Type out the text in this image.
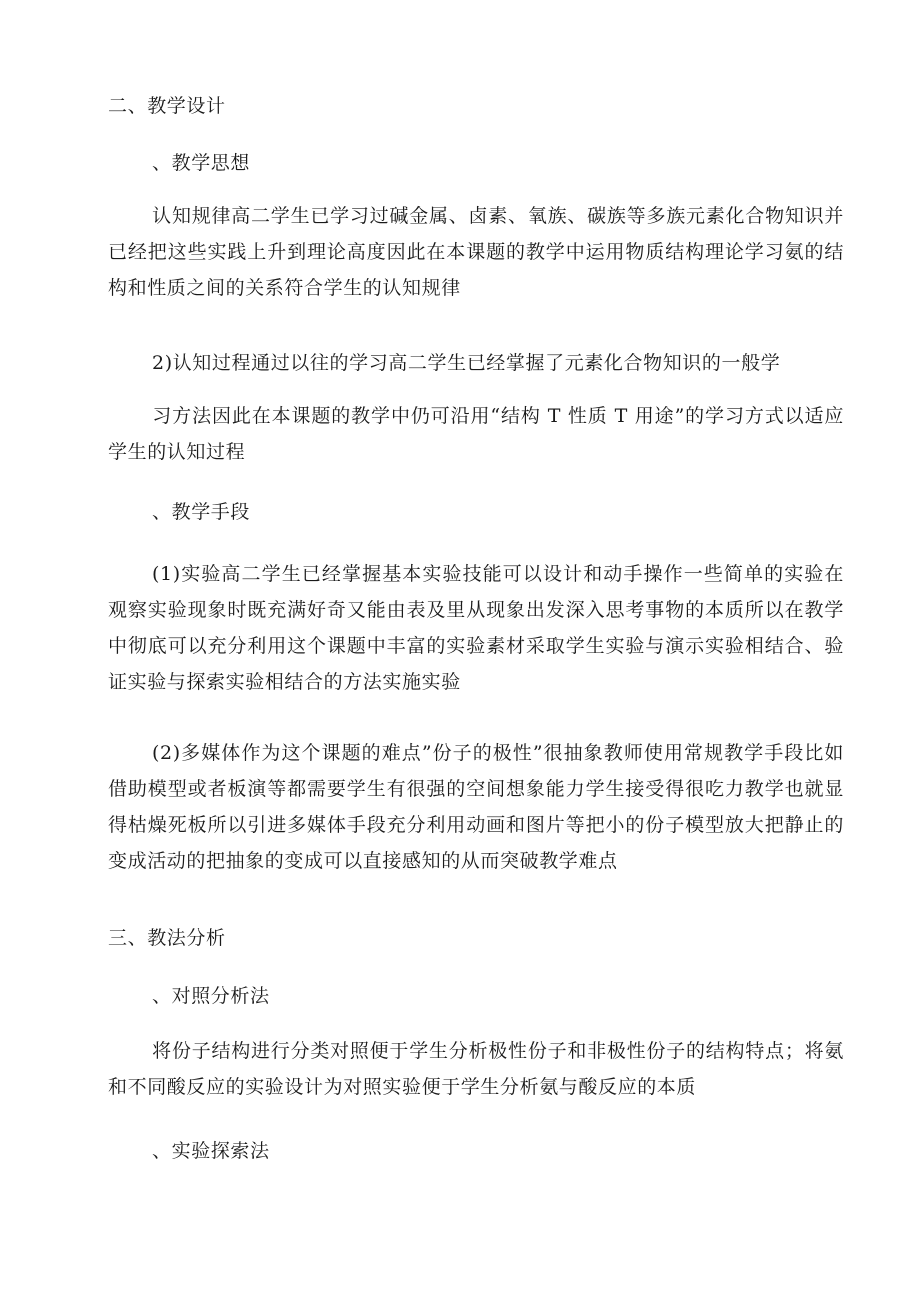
二、教学设计
、教学思想

认知规律高二学生已学习过碱金属、卤素、氧族、碳族等多族元素化合物知识并已经把这些实践上升到理论高度因此在本课题的教学中运用物质结构理论学习氨的结构和性质之间的关系符合学生的认知规律

2)认知过程通过以往的学习高二学生已经掌握了元素化合物知识的一般学

习方法因此在本课题的教学中仍可沿用“结构 T 性质 T 用途”的学习方式以适应学生的认知过程

、教学手段

(1)实验高二学生已经掌握基本实验技能可以设计和动手操作一些简单的实验在观察实验现象时既充满好奇又能由表及里从现象出发深入思考事物的本质所以在教学中彻底可以充分利用这个课题中丰富的实验素材采取学生实验与演示实验相结合、验证实验与探索实验相结合的方法实施实验

(2)多媒体作为这个课题的难点”份子的极性”很抽象教师使用常规教学手段比如借助模型或者板演等都需要学生有很强的空间想象能力学生接受得很吃力教学也就显得枯燥死板所以引进多媒体手段充分利用动画和图片等把小的份子模型放大把静止的变成活动的把抽象的变成可以直接感知的从而突破教学难点

三、教法分析
、对照分析法

将份子结构进行分类对照便于学生分析极性份子和非极性份子的结构特点；将氨和不同酸反应的实验设计为对照实验便于学生分析氨与酸反应的本质

、实验探索法
